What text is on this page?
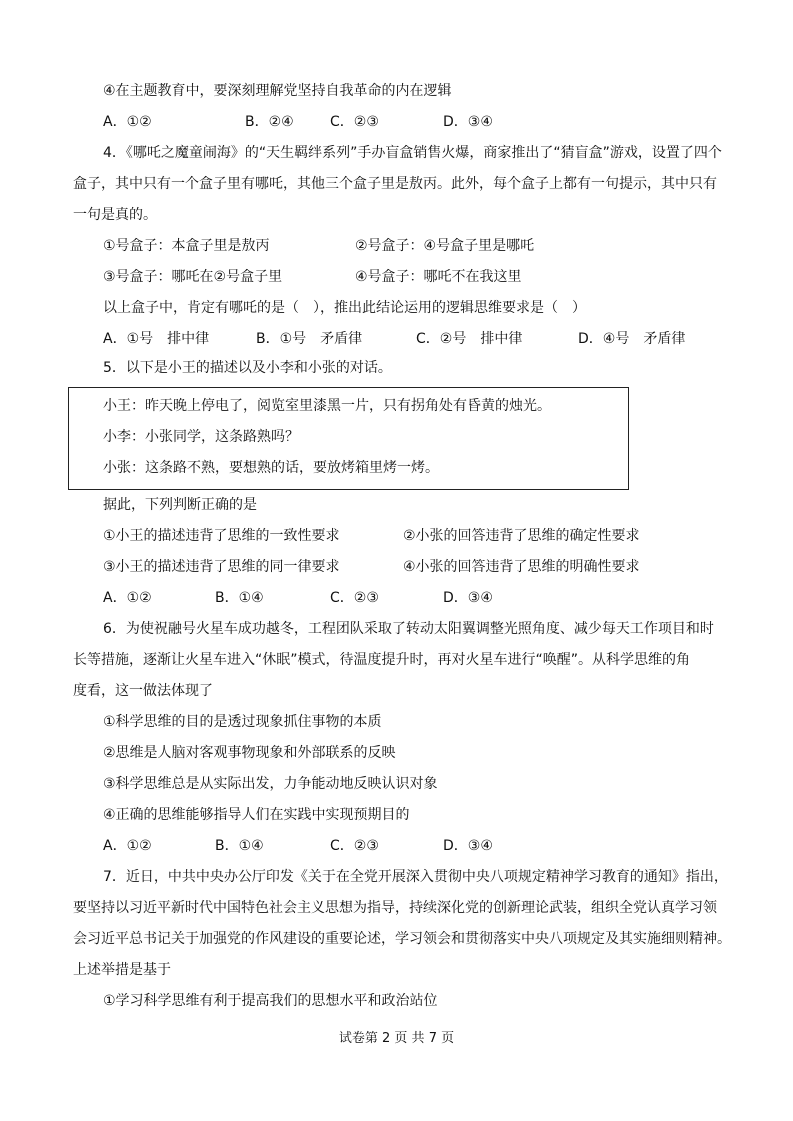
④在主题教育中，要深刻理解党坚持自我革命的内在逻辑
A．①②	B．②④	C．②③	D．③④
4．《哪吒之魔童闹海》的“天生羁绊系列”手办盲盒销售火爆，商家推出了“猜盲盒”游戏，设置了四个
盒子，其中只有一个盒子里有哪吒，其他三个盒子里是敖丙。此外，每个盒子上都有一句提示，其中只有
一句是真的。
①号盒子：本盒子里是敖丙	②号盒子：④号盒子里是哪吒
③号盒子：哪吒在②号盒子里	④号盒子：哪吒不在我这里
以上盒子中，肯定有哪吒的是（　），推出此结论运用的逻辑思维要求是（　）
A．①号　排中律	B．①号　矛盾律	C．②号　排中律	D．④号　矛盾律
5．以下是小王的描述以及小李和小张的对话。
小王：昨天晚上停电了，阅览室里漆黑一片，只有拐角处有昏黄的烛光。
小李：小张同学，这条路熟吗？
小张：这条路不熟，要想熟的话，要放烤箱里烤一烤。
据此，下列判断正确的是
①小王的描述违背了思维的一致性要求	②小张的回答违背了思维的确定性要求
③小王的描述违背了思维的同一律要求	④小张的回答违背了思维的明确性要求
A．①②	B．①④	C．②③	D．③④
6．为使祝融号火星车成功越冬，工程团队采取了转动太阳翼调整光照角度、减少每天工作项目和时
长等措施，逐渐让火星车进入“休眠”模式，待温度提升时，再对火星车进行“唤醒”。从科学思维的角
度看，这一做法体现了
①科学思维的目的是透过现象抓住事物的本质
②思维是人脑对客观事物现象和外部联系的反映
③科学思维总是从实际出发，力争能动地反映认识对象
④正确的思维能够指导人们在实践中实现预期目的
A．①②	B．①④	C．②③	D．③④
7．近日，中共中央办公厅印发《关于在全党开展深入贯彻中央八项规定精神学习教育的通知》指出，
要坚持以习近平新时代中国特色社会主义思想为指导，持续深化党的创新理论武装，组织全党认真学习领
会习近平总书记关于加强党的作风建设的重要论述，学习领会和贯彻落实中央八项规定及其实施细则精神。
上述举措是基于
①学习科学思维有利于提高我们的思想水平和政治站位
试卷第 2 页 共 7 页
